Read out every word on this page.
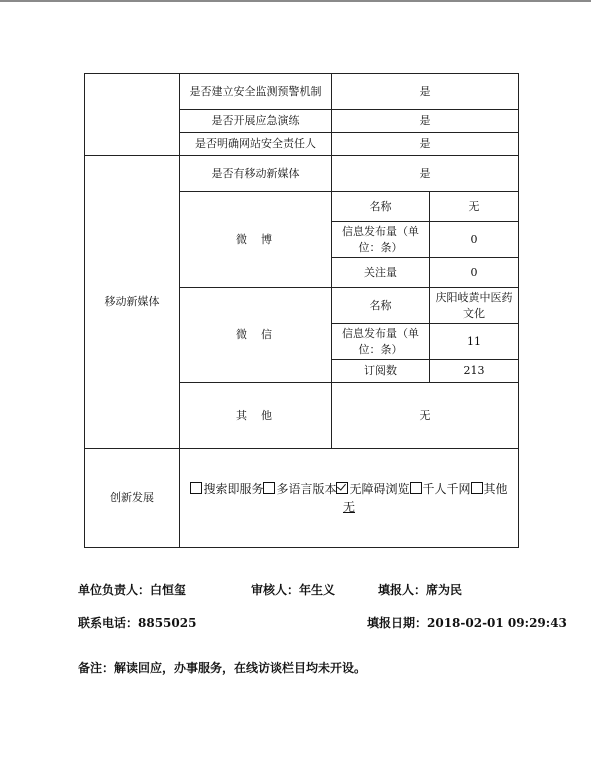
	是否建立安全监测预警机制	是	
	是否开展应急演练	是	
	是否明确网站安全责任人	是	
移动新媒体	是否有移动新媒体	是	
	微博	名称	无
		信息发布量（单位：条）	0
		关注量	0
	微信	名称	庆阳岐黄中医药文化
		信息发布量（单位：条）	11
		订阅数	213
	其他	无	

创新发展	搜索即服务 多语言版本 无障碍浏览 千人千网 其他
无		
单位负责人：白恒玺	审核人：年生义	填报人：席为民
联系电话：8855025	填报日期：2018-02-01 09:29:43
备注：解读回应，办事服务，在线访谈栏目均未开设。
